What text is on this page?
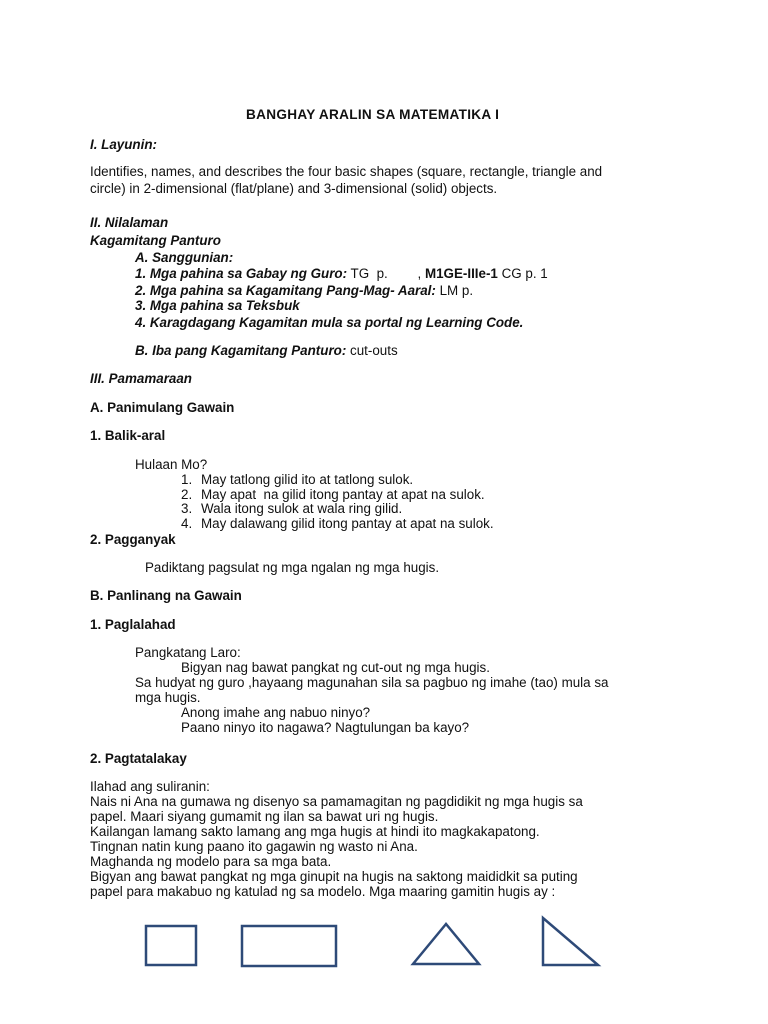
BANGHAY ARALIN SA MATEMATIKA I
I. Layunin:
Identifies, names, and describes the four basic shapes (square, rectangle, triangle and
circle) in 2-dimensional (flat/plane) and 3-dimensional (solid) objects.
II. Nilalaman
Kagamitang Panturo
A. Sanggunian:
1. Mga pahina sa Gabay ng Guro: TG  p.        , M1GE-IIIe-1 CG p. 1
2. Mga pahina sa Kagamitang Pang-Mag- Aaral: LM p.
3. Mga pahina sa Teksbuk
4. Karagdagang Kagamitan mula sa portal ng Learning Code.
B. Iba pang Kagamitang Panturo: cut-outs
III. Pamamaraan
A. Panimulang Gawain
1. Balik-aral
Hulaan Mo?
1. May tatlong gilid ito at tatlong sulok.
2. May apat  na gilid itong pantay at apat na sulok.
3. Wala itong sulok at wala ring gilid.
4. May dalawang gilid itong pantay at apat na sulok.
2. Pagganyak
Padiktang pagsulat ng mga ngalan ng mga hugis.
B. Panlinang na Gawain
1. Paglalahad
Pangkatang Laro:
Bigyan nag bawat pangkat ng cut-out ng mga hugis.
Sa hudyat ng guro ,hayaang magunahan sila sa pagbuo ng imahe (tao) mula sa
mga hugis.
Anong imahe ang nabuo ninyo?
Paano ninyo ito nagawa? Nagtulungan ba kayo?
2. Pagtatalakay
Ilahad ang suliranin:
Nais ni Ana na gumawa ng disenyo sa pamamagitan ng pagdidikit ng mga hugis sa
papel. Maari siyang gumamit ng ilan sa bawat uri ng hugis.
Kailangan lamang sakto lamang ang mga hugis at hindi ito magkakapatong.
Tingnan natin kung paano ito gagawin ng wasto ni Ana.
Maghanda ng modelo para sa mga bata.
Bigyan ang bawat pangkat ng mga ginupit na hugis na saktong maididkit sa puting
papel para makabuo ng katulad ng sa modelo. Mga maaring gamitin hugis ay :
